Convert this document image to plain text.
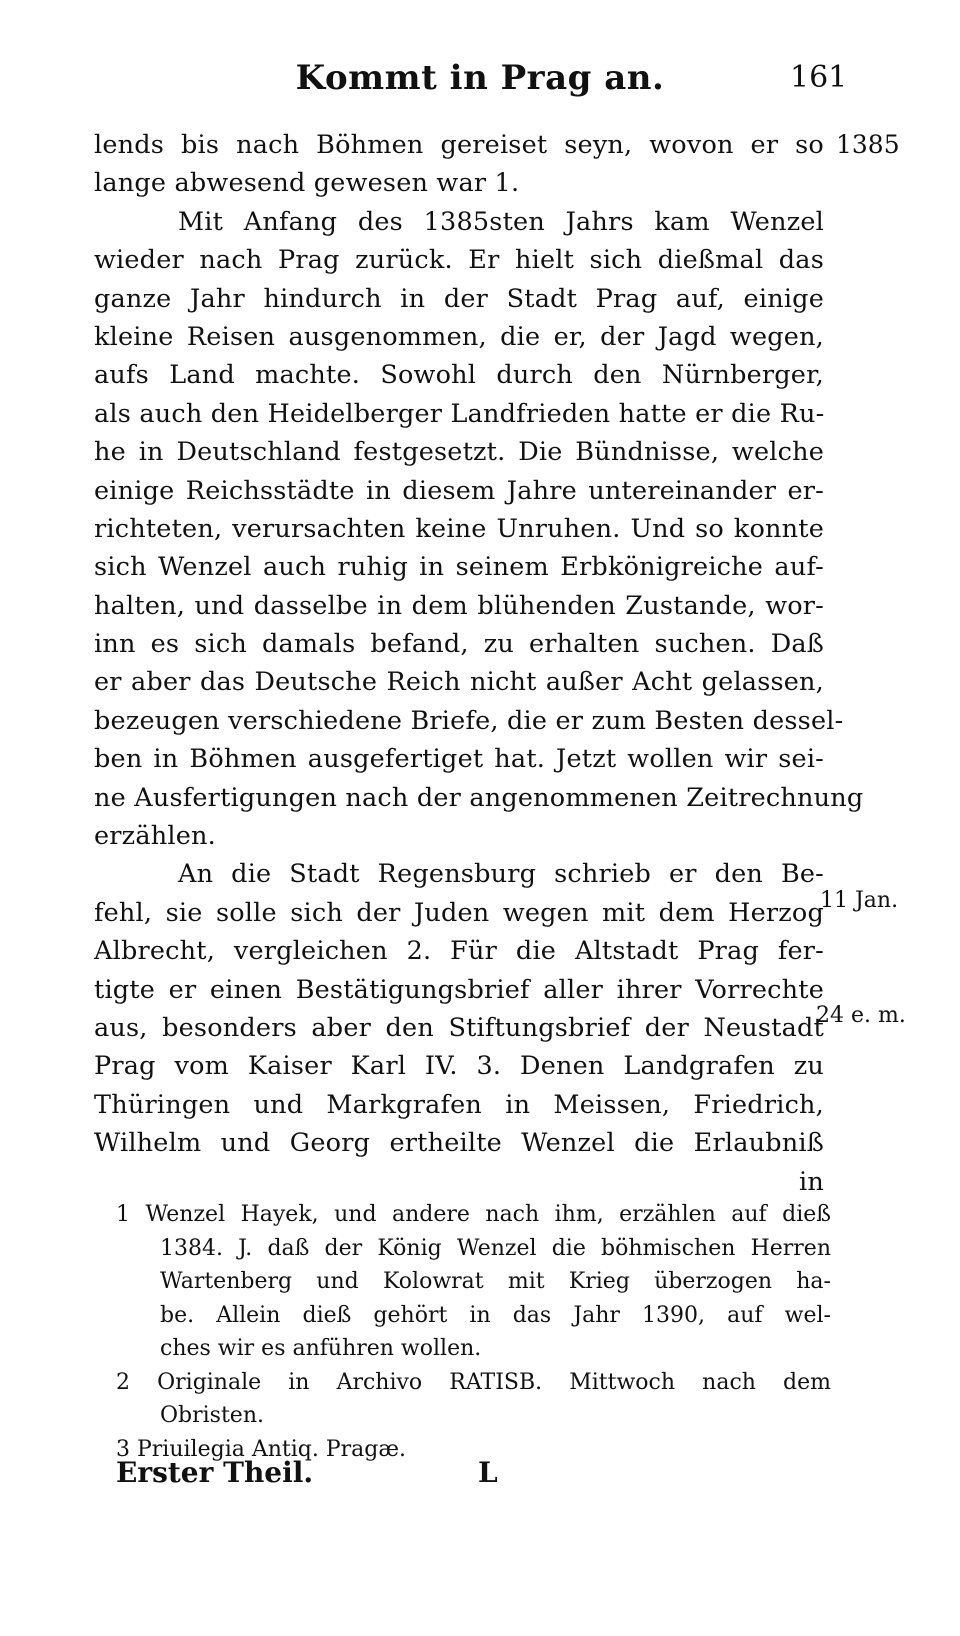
Kommt in Prag an.	161
1385
11 Jan.
24 e. m.
lends bis nach Böhmen gereiset seyn, wovon er so
lange abwesend gewesen war 1.
Mit Anfang des 1385sten Jahrs kam Wenzel
wieder nach Prag zurück. Er hielt sich dießmal das
ganze Jahr hindurch in der Stadt Prag auf, einige
kleine Reisen ausgenommen, die er, der Jagd wegen,
aufs Land machte. Sowohl durch den Nürnberger,
als auch den Heidelberger Landfrieden hatte er die Ru-
he in Deutschland festgesetzt. Die Bündnisse, welche
einige Reichsstädte in diesem Jahre untereinander er-
richteten, verursachten keine Unruhen. Und so konnte
sich Wenzel auch ruhig in seinem Erbkönigreiche auf-
halten, und dasselbe in dem blühenden Zustande, wor-
inn es sich damals befand, zu erhalten suchen. Daß
er aber das Deutsche Reich nicht außer Acht gelassen,
bezeugen verschiedene Briefe, die er zum Besten dessel-
ben in Böhmen ausgefertiget hat. Jetzt wollen wir sei-
ne Ausfertigungen nach der angenommenen Zeitrechnung
erzählen.
An die Stadt Regensburg schrieb er den Be-
fehl, sie solle sich der Juden wegen mit dem Herzog
Albrecht, vergleichen 2. Für die Altstadt Prag fer-
tigte er einen Bestätigungsbrief aller ihrer Vorrechte
aus, besonders aber den Stiftungsbrief der Neustadt
Prag vom Kaiser Karl IV. 3. Denen Landgrafen zu
Thüringen und Markgrafen in Meissen, Friedrich,
Wilhelm und Georg ertheilte Wenzel die Erlaubniß
in
1 Wenzel Hayek, und andere nach ihm, erzählen auf dieß
1384. J. daß der König Wenzel die böhmischen Herren
Wartenberg und Kolowrat mit Krieg überzogen ha-
be. Allein dieß gehört in das Jahr 1390, auf wel-
ches wir es anführen wollen.
2 Originale in Archivo RATISB. Mittwoch nach dem
Obristen.
3 Priuilegia Antiq. Pragæ.
Erster Theil.	L
